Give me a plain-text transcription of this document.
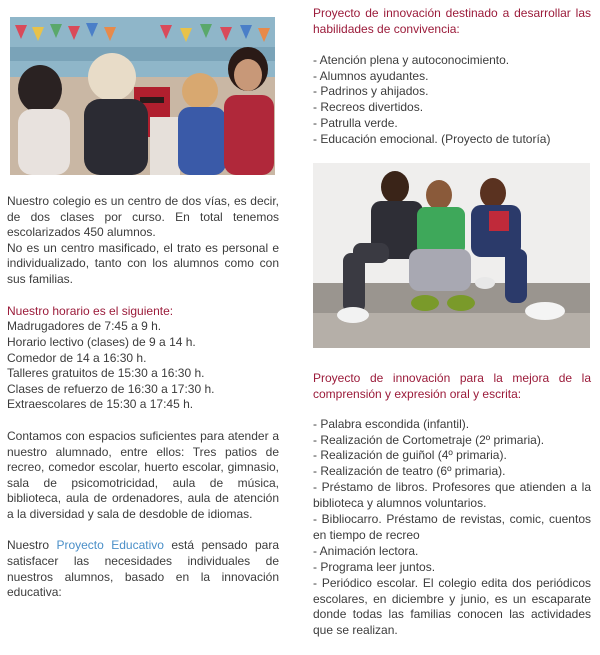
Nuestro colegio es un centro de dos vías, es decir, de dos clases por curso. En total tenemos escolarizados 450 alumnos.

No es un centro masificado, el trato es personal e individualizado, tanto con los alumnos como con sus familias.

Nuestro horario es el siguiente:
Madrugadores de 7:45 a 9 h.
Horario lectivo (clases) de 9 a 14 h.
Comedor de 14 a 16:30 h.
Talleres gratuitos de 15:30 a 16:30 h.
Clases de refuerzo de 16:30 a 17:30 h.
Extraescolares de 15:30 a 17:45 h.

Contamos con espacios suficientes para atender a nuestro alumnado, entre ellos: Tres patios de recreo, comedor escolar, huerto escolar, gimnasio, sala de psicomotricidad, aula de música, biblioteca, aula de ordenadores, aula de atención a la diversidad y sala de desdoble de idiomas.

Nuestro Proyecto Educativo está pensado para satisfacer las necesidades individuales de nuestros alumnos, basado en la innovación educativa:

Proyecto de innovación destinado a desarrollar las habilidades de convivencia:
- Atención plena y autoconocimiento.
- Alumnos ayudantes.
- Padrinos y ahijados.
- Recreos divertidos.
- Patrulla verde.
- Educación emocional. (Proyecto de tutoría)
Proyecto de innovación para la mejora de la comprensión y expresión oral y escrita:
- Palabra escondida (infantil).
- Realización de Cortometraje (2º primaria).
- Realización de guiñol (4º primaria).
- Realización de teatro (6º primaria).
- Préstamo de libros. Profesores que atienden a la biblioteca y alumnos voluntarios.
- Bibliocarro. Préstamo de revistas, comic, cuentos en tiempo de recreo
- Animación lectora.
- Programa leer juntos.
- Periódico escolar. El colegio edita dos periódicos escolares, en diciembre y junio, es un escaparate donde todas las familias conocen las actividades que se realizan.
